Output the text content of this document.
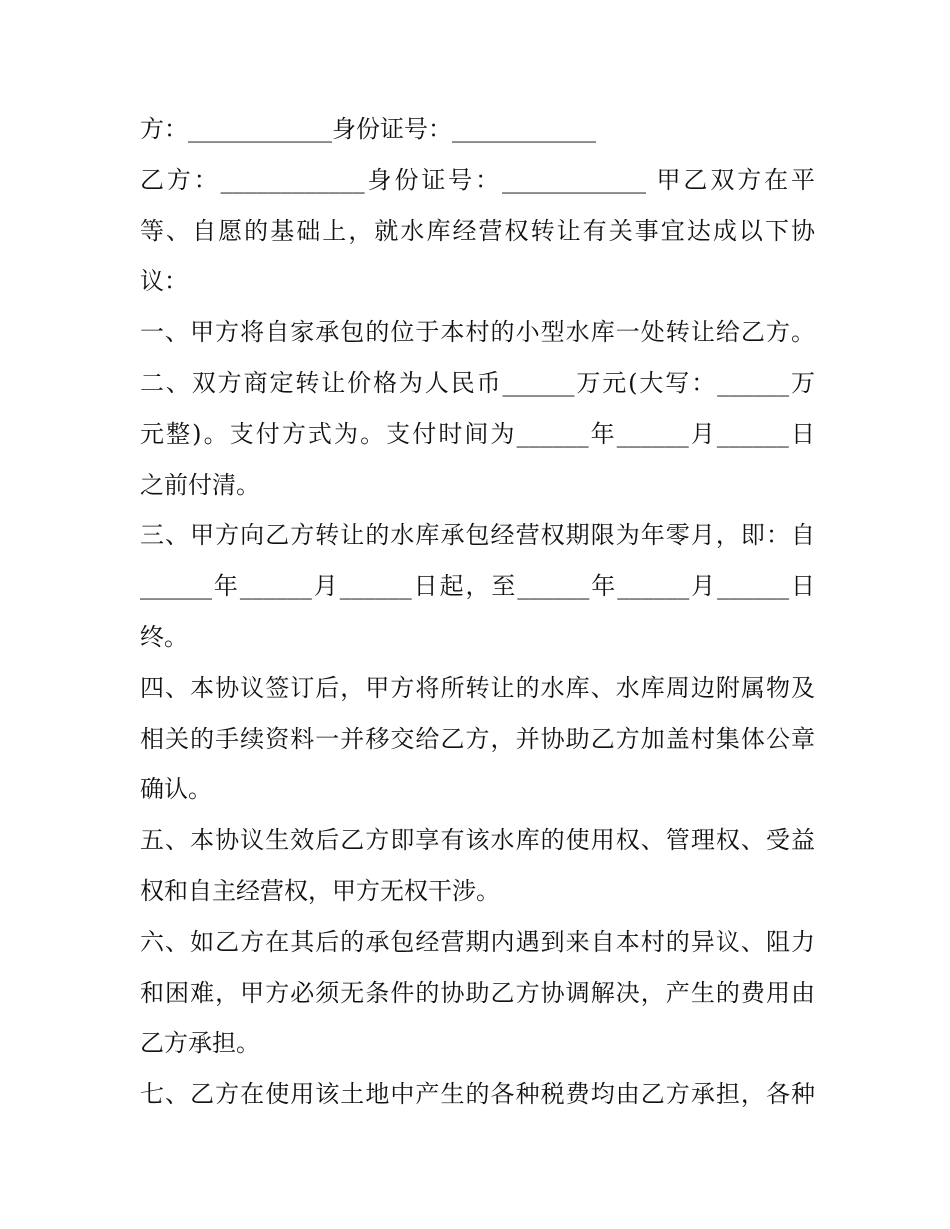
方：____________身份证号：____________
乙方：____________身份证号：____________ 甲乙双方在平
等、自愿的基础上，就水库经营权转让有关事宜达成以下协
议：
一、甲方将自家承包的位于本村的小型水库一处转让给乙方。
二、双方商定转让价格为人民币______万元(大写：______万
元整)。支付方式为。支付时间为______年______月______日
之前付清。
三、甲方向乙方转让的水库承包经营权期限为年零月，即：自
______年______月______日起，至______年______月______日
终。
四、本协议签订后，甲方将所转让的水库、水库周边附属物及
相关的手续资料一并移交给乙方，并协助乙方加盖村集体公章
确认。
五、本协议生效后乙方即享有该水库的使用权、管理权、受益
权和自主经营权，甲方无权干涉。
六、如乙方在其后的承包经营期内遇到来自本村的异议、阻力
和困难，甲方必须无条件的协助乙方协调解决，产生的费用由
乙方承担。
七、乙方在使用该土地中产生的各种税费均由乙方承担，各种
